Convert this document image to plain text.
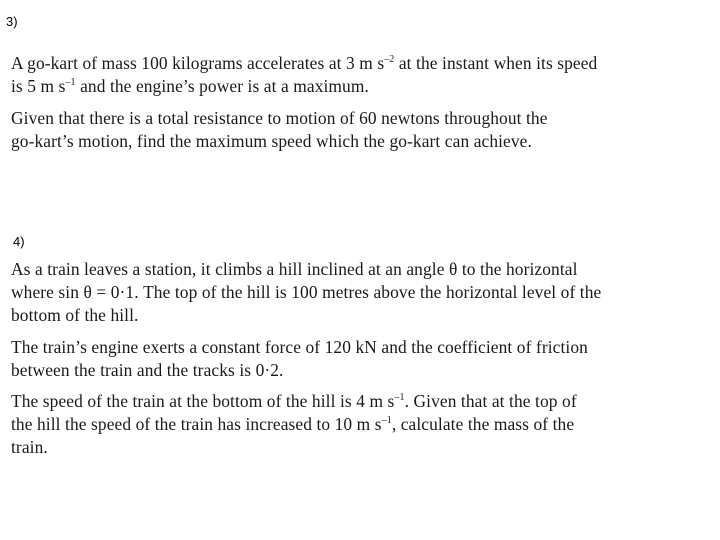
3)
A go-kart of mass 100 kilograms accelerates at 3 m $s^{-2}$ at the instant when its speed
is 5 m $s^{-1}$ and the engine’s power is at a maximum.
Given that there is a total resistance to motion of 60 newtons throughout the
go-kart’s motion, find the maximum speed which the go-kart can achieve.
4)
As a train leaves a station, it climbs a hill inclined at an angle θ to the horizontal
where sin θ = 0·1. The top of the hill is 100 metres above the horizontal level of the
bottom of the hill.
The train’s engine exerts a constant force of 120 kN and the coefficient of friction
between the train and the tracks is 0·2.
The speed of the train at the bottom of the hill is 4 m $s^{-1}$. Given that at the top of
the hill the speed of the train has increased to 10 m $s^{-1}$, calculate the mass of the
train.
